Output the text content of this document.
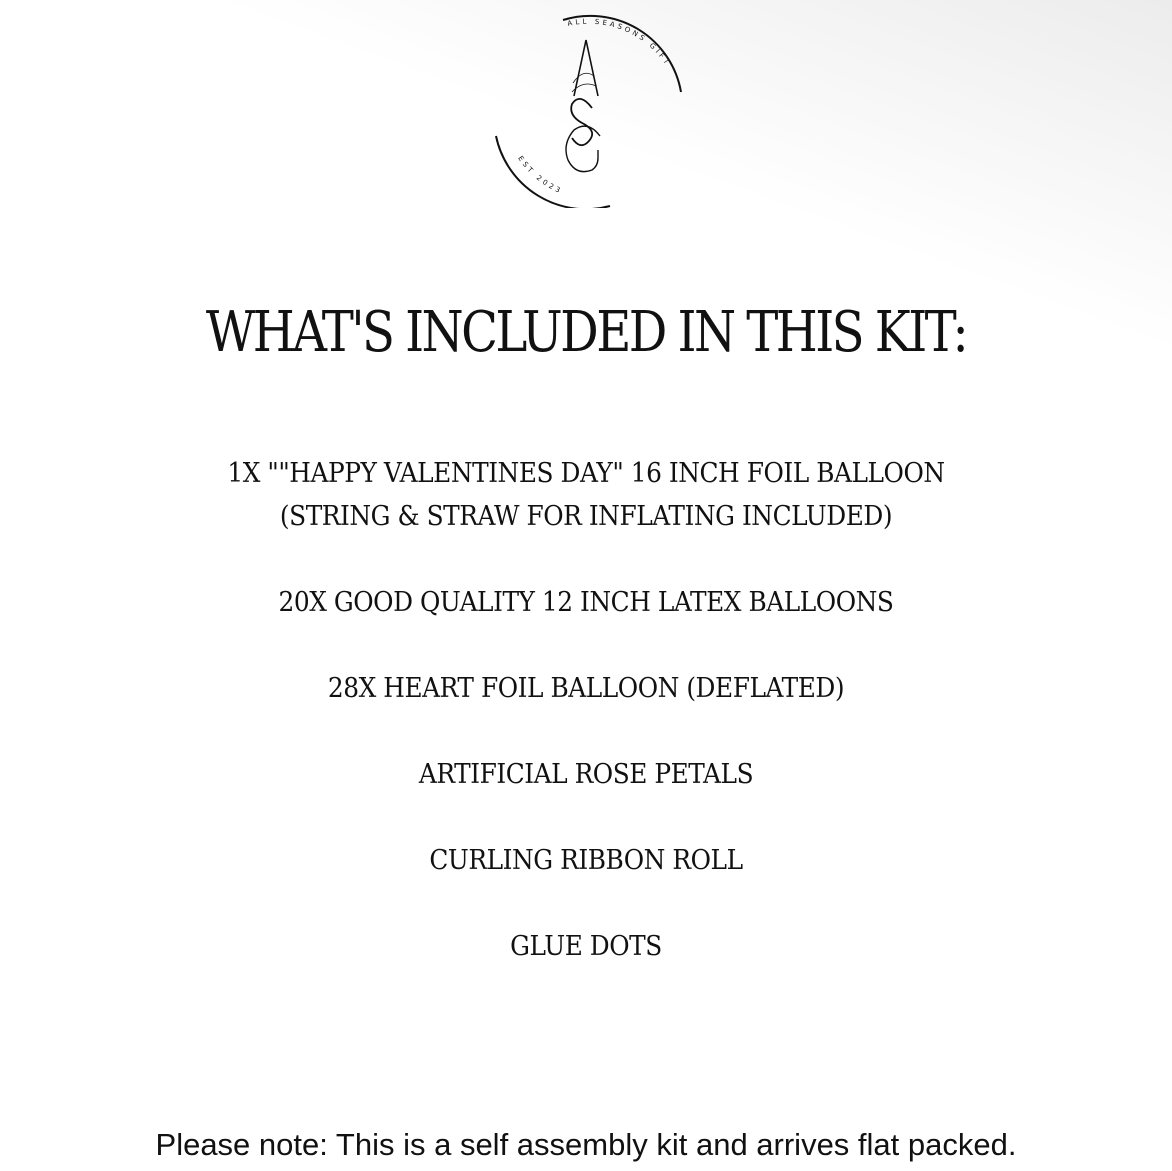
ALL SEASONS GIFT
EST 2023
WHAT'S INCLUDED IN THIS KIT:
1X ""HAPPY VALENTINES DAY" 16 INCH FOIL BALLOON
(STRING & STRAW FOR INFLATING INCLUDED)
20X GOOD QUALITY 12 INCH LATEX BALLOONS
28X HEART FOIL BALLOON (DEFLATED)
ARTIFICIAL ROSE PETALS
CURLING RIBBON ROLL
GLUE DOTS
Please note: This is a self assembly kit and arrives flat packed.
